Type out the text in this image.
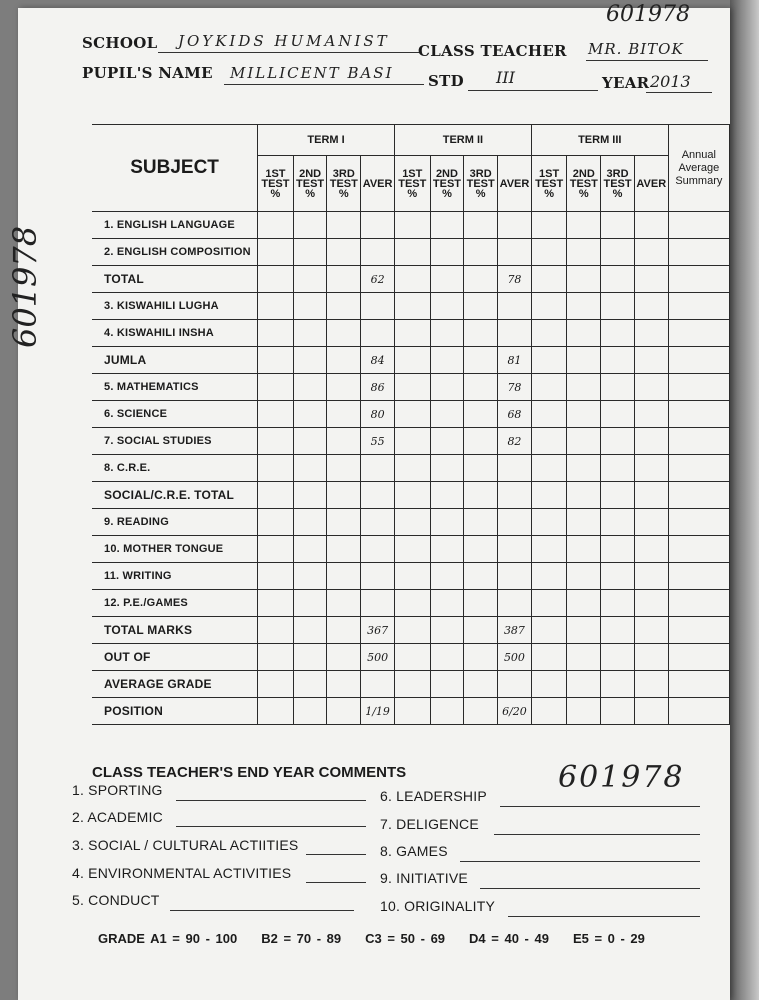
601978
SCHOOL JOYKIDS HUMANIST
CLASS TEACHER MR. BITOK
PUPIL'S NAME MILLICENT BASI STD III	YEAR 2013
601978
SUBJECT	TERM I				TERM II				TERM III				Annual Average Summary
	1ST TEST %	2ND TEST %	3RD TEST %	AVER	1ST TEST %	2ND TEST %	3RD TEST %	AVER	1ST TEST %	2ND TEST %	3RD TEST %	AVER	
1. ENGLISH LANGUAGE													
2. ENGLISH COMPOSITION													
TOTAL				62				78					
3. KISWAHILI LUGHA													
4. KISWAHILI INSHA													
JUMLA				84				81					
5. MATHEMATICS				86				78					
6. SCIENCE				80				68					
7. SOCIAL STUDIES				55				82					
8. C.R.E.													
SOCIAL/C.R.E. TOTAL													
9. READING													
10. MOTHER TONGUE													
11. WRITING													
12. P.E./GAMES													
TOTAL MARKS				367				387					
OUT OF				500				500					
AVERAGE GRADE													
POSITION				1/19				6/20					
CLASS TEACHER'S END YEAR COMMENTS	601978
1. SPORTING
2. ACADEMIC
3. SOCIAL / CULTURAL ACTIITIES
4. ENVIRONMENTAL ACTIVITIES
5. CONDUCT
6. LEADERSHIP
7. DELIGENCE
8. GAMES
9. INITIATIVE
10. ORIGINALITY
GRADE A1 = 90 - 100 B2 = 70 - 89 C3 = 50 - 69 D4 = 40 - 49 E5 = 0 - 29
